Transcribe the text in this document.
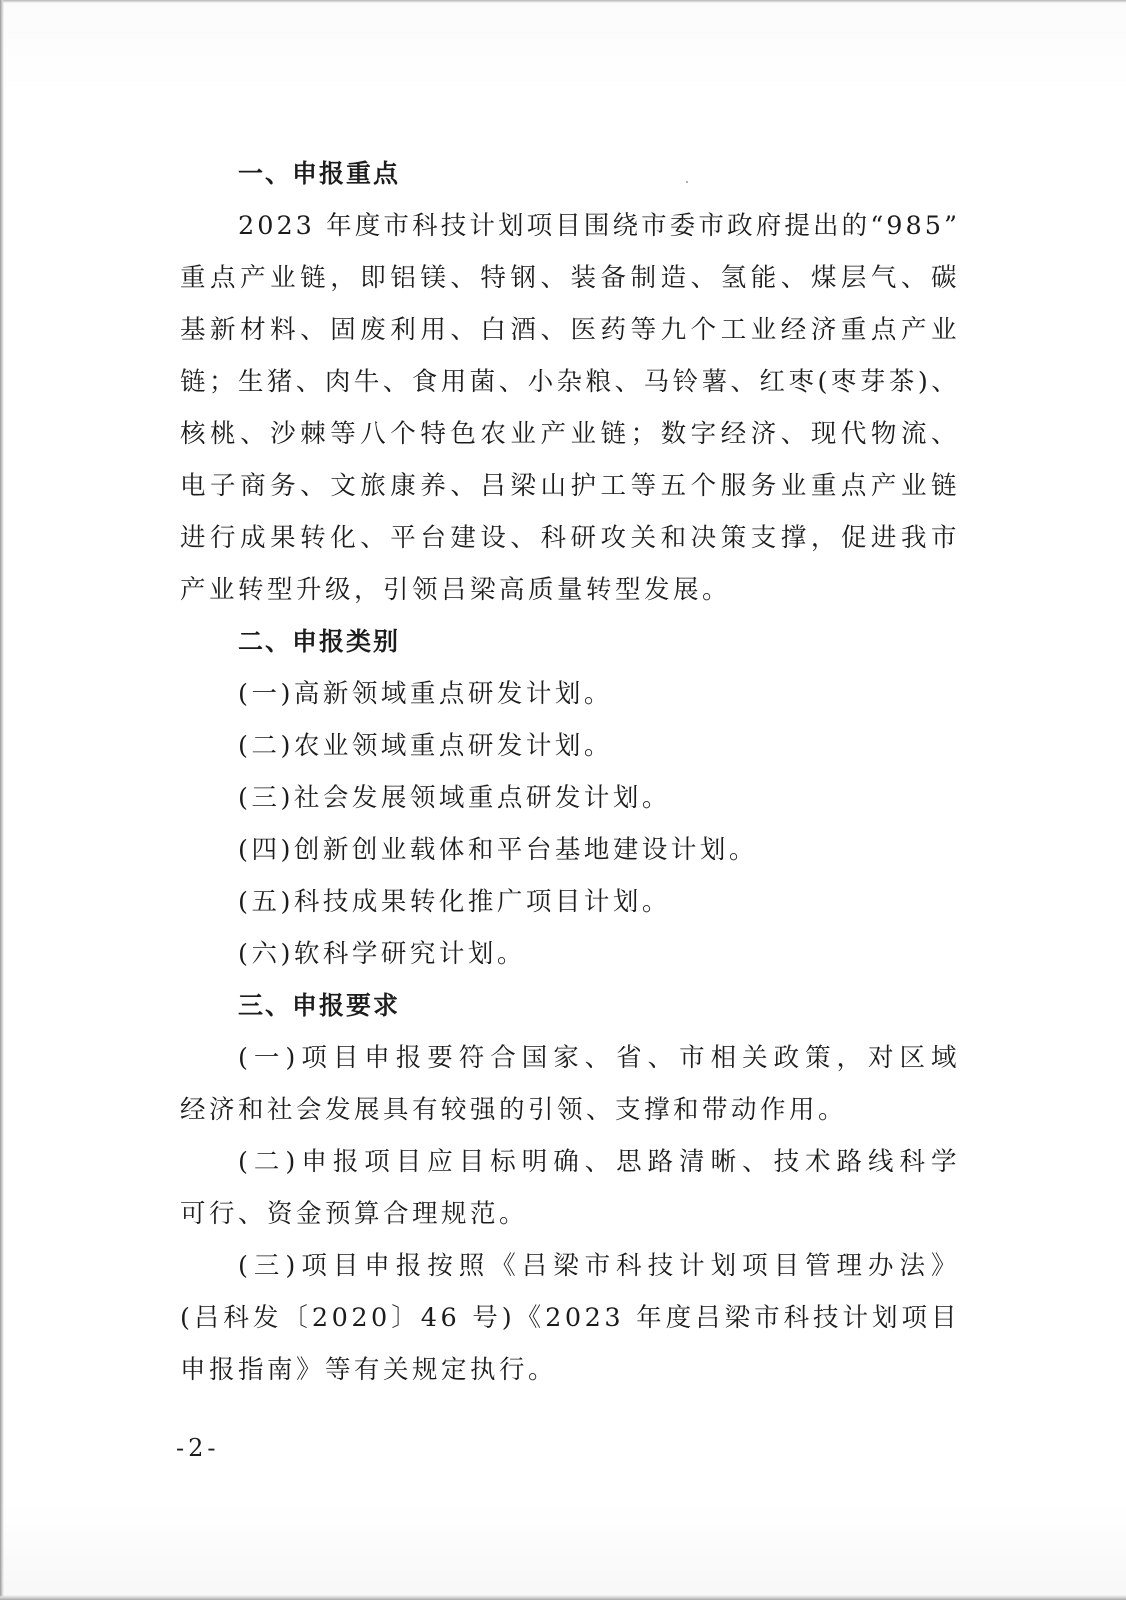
一、申报重点
2023 年度市科技计划项目围绕市委市政府提出的“985”
重点产业链，即铝镁、特钢、装备制造、氢能、煤层气、碳
基新材料、固废利用、白酒、医药等九个工业经济重点产业
链；生猪、肉牛、食用菌、小杂粮、马铃薯、红枣(枣芽茶)、
核桃、沙棘等八个特色农业产业链；数字经济、现代物流、
电子商务、文旅康养、吕梁山护工等五个服务业重点产业链
进行成果转化、平台建设、科研攻关和决策支撑，促进我市
产业转型升级，引领吕梁高质量转型发展。
二、申报类别
(一)高新领域重点研发计划。
(二)农业领域重点研发计划。
(三)社会发展领域重点研发计划。
(四)创新创业载体和平台基地建设计划。
(五)科技成果转化推广项目计划。
(六)软科学研究计划。
三、申报要求
(一)项目申报要符合国家、省、市相关政策，对区域
经济和社会发展具有较强的引领、支撑和带动作用。
(二)申报项目应目标明确、思路清晰、技术路线科学
可行、资金预算合理规范。
(三)项目申报按照《吕梁市科技计划项目管理办法》
(吕科发〔2020〕46 号)《2023 年度吕梁市科技计划项目
申报指南》等有关规定执行。
-2-
